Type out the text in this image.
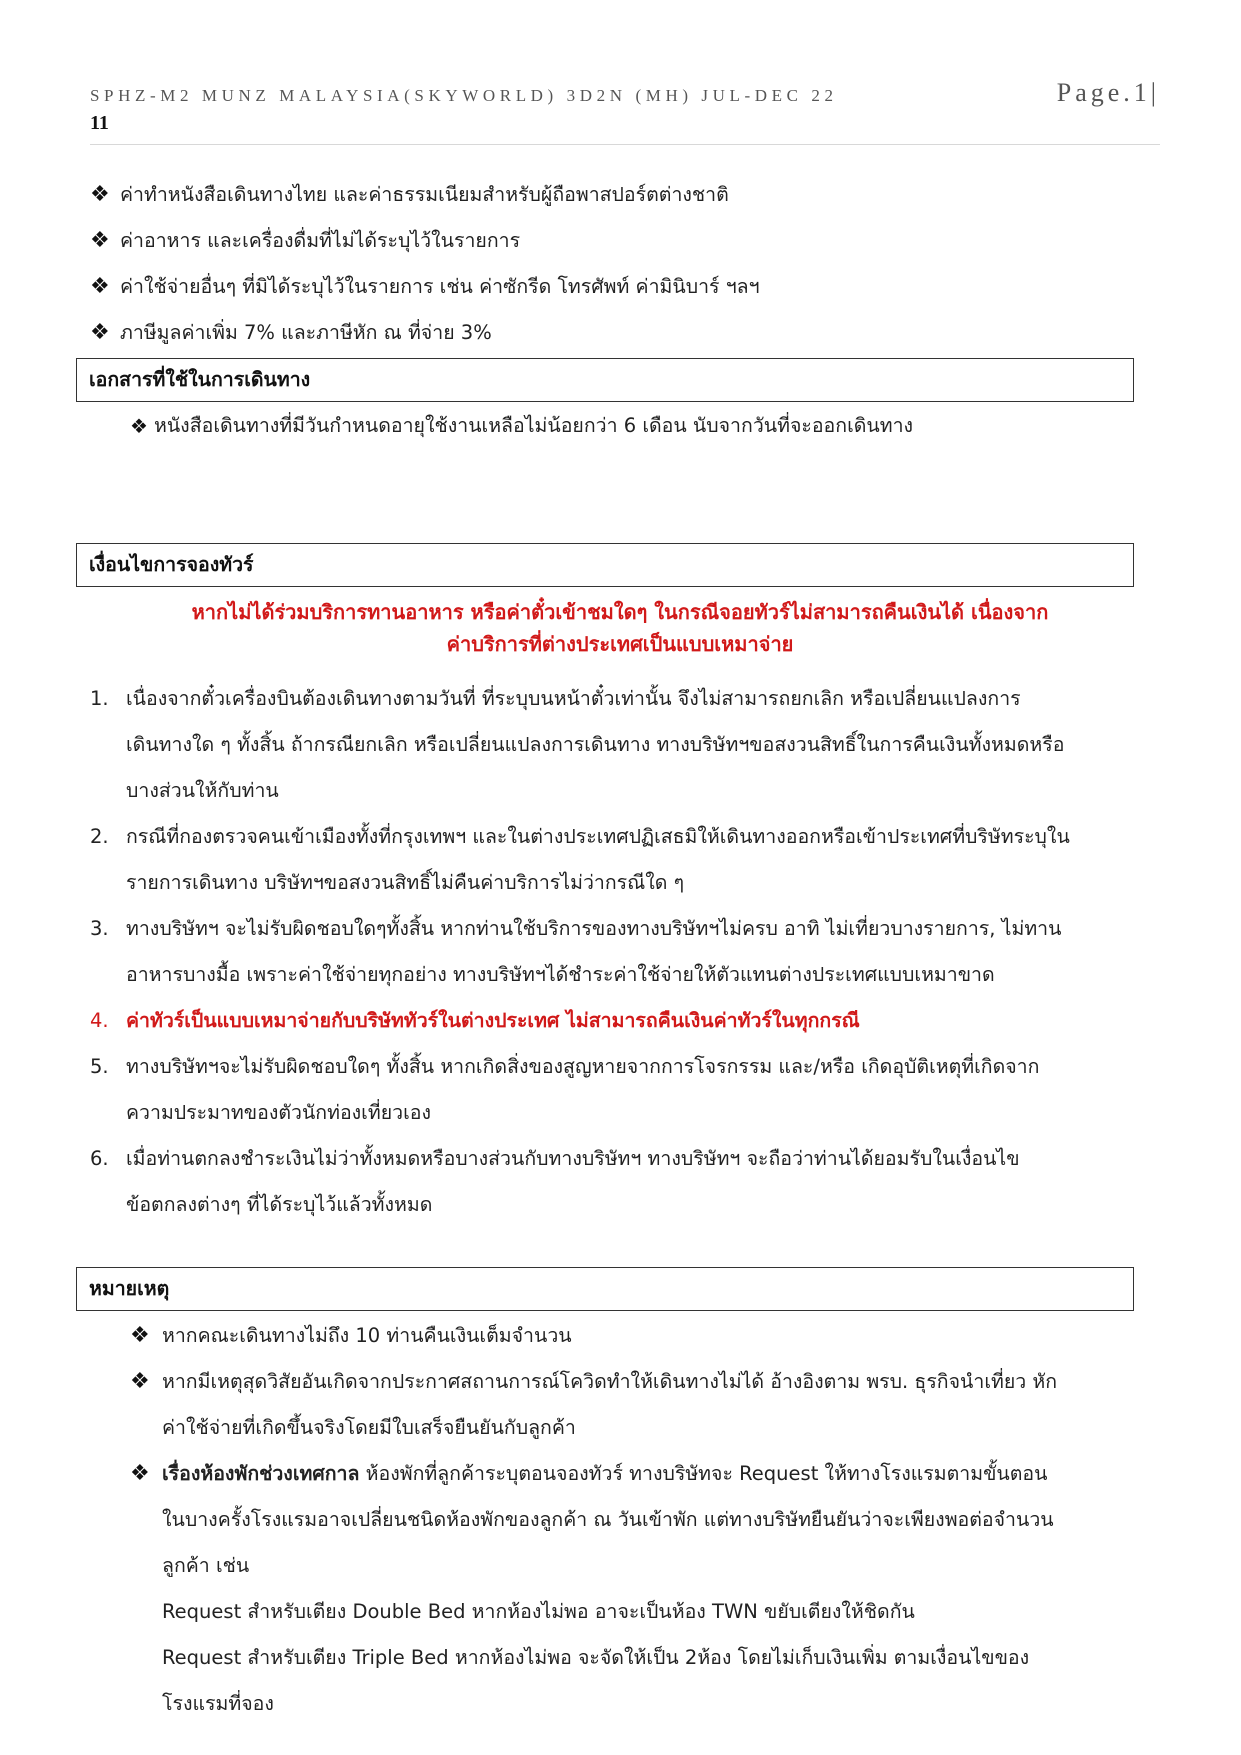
SPHZ-M2 MUNZ MALAYSIA(SKYWORLD) 3D2N (MH) JUL-DEC 22	Page.1|
11
❖ ค่าทำหนังสือเดินทางไทย และค่าธรรมเนียมสำหรับผู้ถือพาสปอร์ตต่างชาติ
❖ ค่าอาหาร และเครื่องดื่มที่ไม่ได้ระบุไว้ในรายการ
❖ ค่าใช้จ่ายอื่นๆ ที่มิได้ระบุไว้ในรายการ เช่น ค่าซักรีด โทรศัพท์ ค่ามินิบาร์ ฯลฯ
❖ ภาษีมูลค่าเพิ่ม 7% และภาษีหัก ณ ที่จ่าย 3%
เอกสารที่ใช้ในการเดินทาง
❖ หนังสือเดินทางที่มีวันกำหนดอายุใช้งานเหลือไม่น้อยกว่า 6 เดือน นับจากวันที่จะออกเดินทาง
เงื่อนไขการจองทัวร์
หากไม่ได้ร่วมบริการทานอาหาร หรือค่าตั๋วเข้าชมใดๆ ในกรณีจอยทัวร์ไม่สามารถคืนเงินได้ เนื่องจาก
ค่าบริการที่ต่างประเทศเป็นแบบเหมาจ่าย
1. เนื่องจากตั๋วเครื่องบินต้องเดินทางตามวันที่ ที่ระบุบนหน้าตั๋วเท่านั้น จึงไม่สามารถยกเลิก หรือเปลี่ยนแปลงการ
เดินทางใด ๆ ทั้งสิ้น ถ้ากรณียกเลิก หรือเปลี่ยนแปลงการเดินทาง ทางบริษัทฯขอสงวนสิทธิ์ในการคืนเงินทั้งหมดหรือ
บางส่วนให้กับท่าน
2. กรณีที่กองตรวจคนเข้าเมืองทั้งที่กรุงเทพฯ และในต่างประเทศปฏิเสธมิให้เดินทางออกหรือเข้าประเทศที่บริษัทระบุใน
รายการเดินทาง บริษัทฯขอสงวนสิทธิ์ไม่คืนค่าบริการไม่ว่ากรณีใด ๆ
3. ทางบริษัทฯ จะไม่รับผิดชอบใดๆทั้งสิ้น หากท่านใช้บริการของทางบริษัทฯไม่ครบ อาทิ ไม่เที่ยวบางรายการ, ไม่ทาน
อาหารบางมื้อ เพราะค่าใช้จ่ายทุกอย่าง ทางบริษัทฯได้ชำระค่าใช้จ่ายให้ตัวแทนต่างประเทศแบบเหมาขาด
4. ค่าทัวร์เป็นแบบเหมาจ่ายกับบริษัททัวร์ในต่างประเทศ ไม่สามารถคืนเงินค่าทัวร์ในทุกกรณี
5. ทางบริษัทฯจะไม่รับผิดชอบใดๆ ทั้งสิ้น หากเกิดสิ่งของสูญหายจากการโจรกรรม และ/หรือ เกิดอุบัติเหตุที่เกิดจาก
ความประมาทของตัวนักท่องเที่ยวเอง
6. เมื่อท่านตกลงชำระเงินไม่ว่าทั้งหมดหรือบางส่วนกับทางบริษัทฯ ทางบริษัทฯ จะถือว่าท่านได้ยอมรับในเงื่อนไข
ข้อตกลงต่างๆ ที่ได้ระบุไว้แล้วทั้งหมด
หมายเหตุ
❖ หากคณะเดินทางไม่ถึง 10 ท่านคืนเงินเต็มจำนวน
❖ หากมีเหตุสุดวิสัยอันเกิดจากประกาศสถานการณ์โควิดทำให้เดินทางไม่ได้ อ้างอิงตาม พรบ. ธุรกิจนำเที่ยว หัก
ค่าใช้จ่ายที่เกิดขึ้นจริงโดยมีใบเสร็จยืนยันกับลูกค้า
❖ เรื่องห้องพักช่วงเทศกาล ห้องพักที่ลูกค้าระบุตอนจองทัวร์ ทางบริษัทจะ Request ให้ทางโรงแรมตามขั้นตอน
ในบางครั้งโรงแรมอาจเปลี่ยนชนิดห้องพักของลูกค้า ณ วันเข้าพัก แต่ทางบริษัทยืนยันว่าจะเพียงพอต่อจำนวน
ลูกค้า เช่น
Request สำหรับเตียง Double Bed หากห้องไม่พอ อาจะเป็นห้อง TWN ขยับเตียงให้ชิดกัน
Request สำหรับเตียง Triple Bed หากห้องไม่พอ จะจัดให้เป็น 2ห้อง โดยไม่เก็บเงินเพิ่ม ตามเงื่อนไขของ
โรงแรมที่จอง
